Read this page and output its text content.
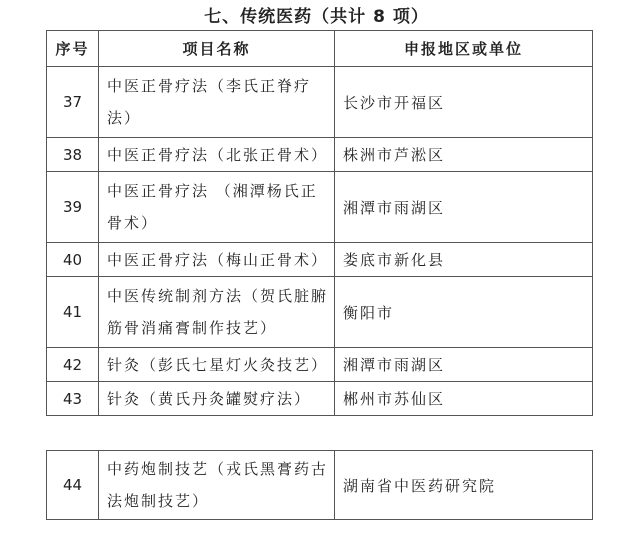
七、传统医药（共计 8 项）
序号	项目名称	申报地区或单位
37	中医正骨疗法（李氏正脊疗法）	长沙市开福区
38	中医正骨疗法（北张正骨术）	株洲市芦淞区
39	中医正骨疗法 （湘潭杨氏正骨术）	湘潭市雨湖区
40	中医正骨疗法（梅山正骨术）	娄底市新化县
41	中医传统制剂方法（贺氏脏腑筋骨消痛膏制作技艺）	衡阳市
42	针灸（彭氏七星灯火灸技艺）	湘潭市雨湖区
43	针灸（黄氏丹灸罐熨疗法）	郴州市苏仙区
44	中药炮制技艺（戎氏黑膏药古法炮制技艺）	湖南省中医药研究院
